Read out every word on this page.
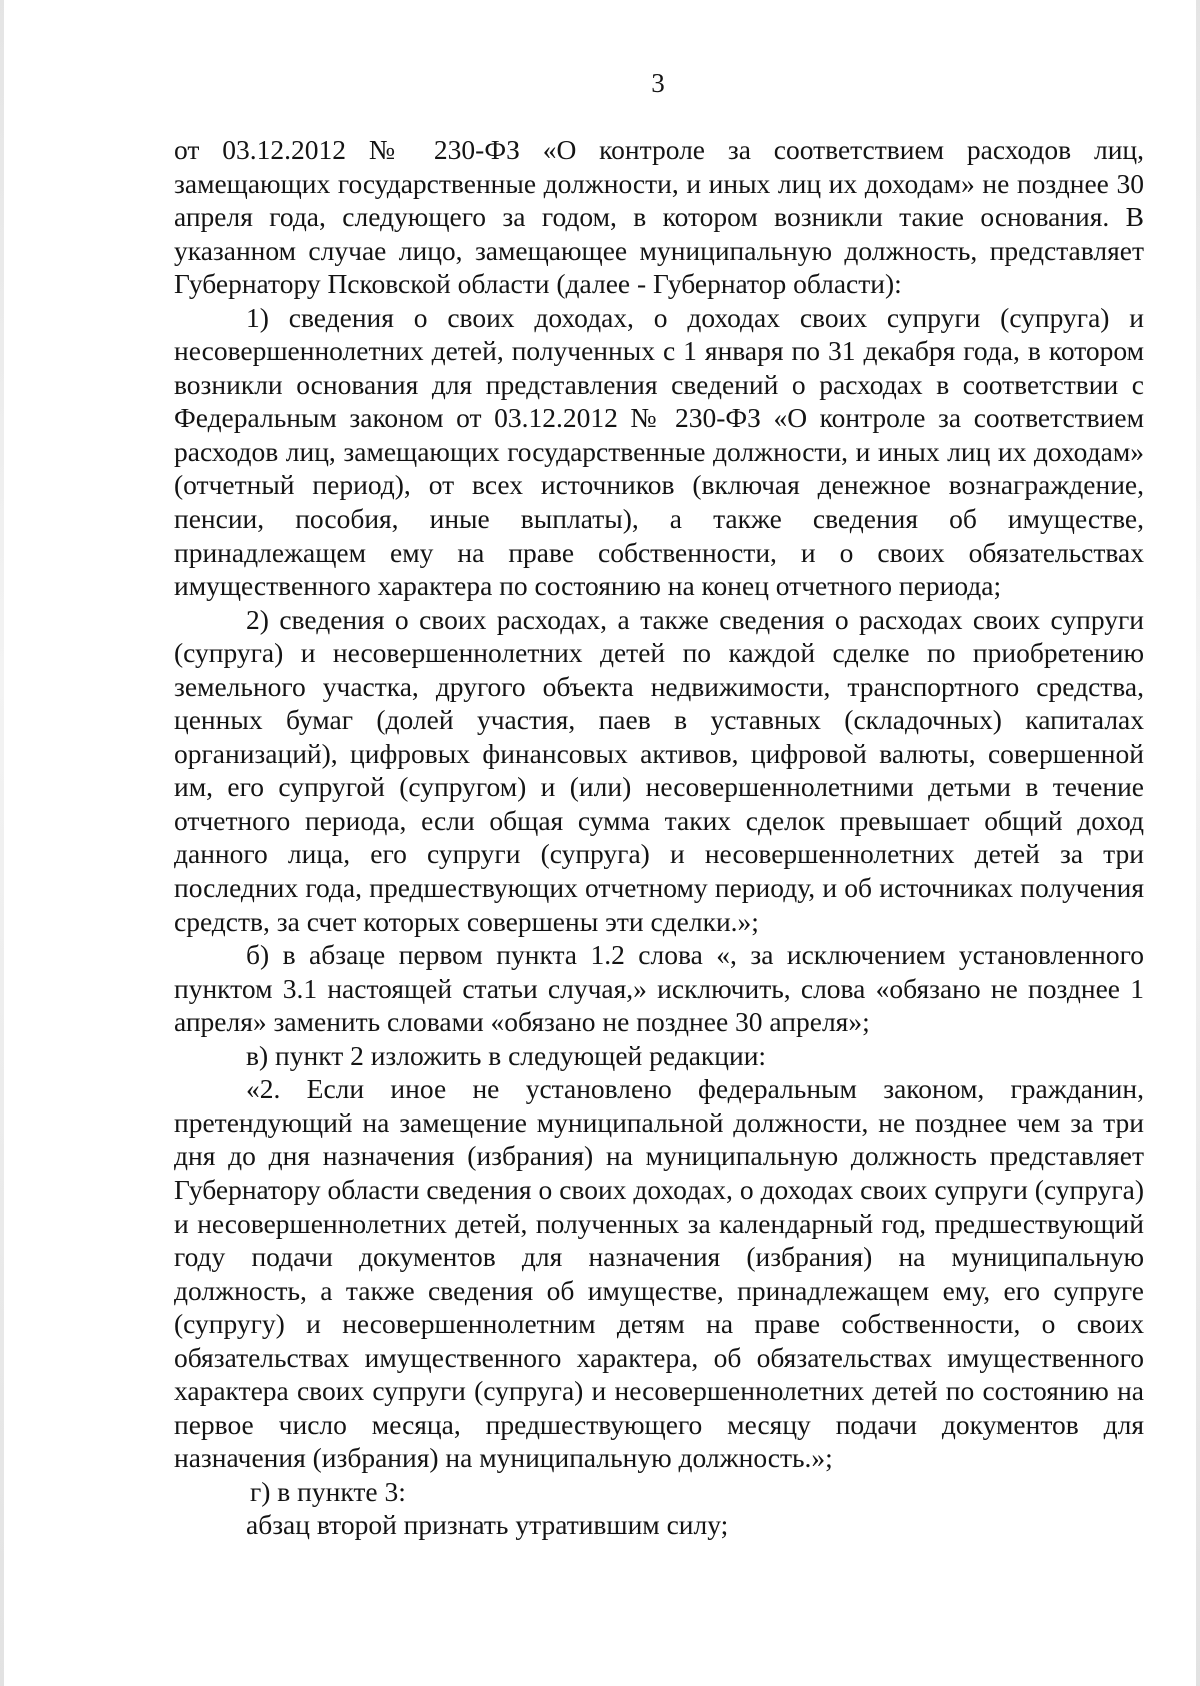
3

от 03.12.2012 № 230-ФЗ «О контроле за соответствием расходов лиц, замещающих государственные должности, и иных лиц их доходам» не позднее 30 апреля года, следующего за годом, в котором возникли такие основания. В указанном случае лицо, замещающее муниципальную должность, представляет Губернатору Псковской области (далее - Губернатор области):

1) сведения о своих доходах, о доходах своих супруги (супруга) и несовершеннолетних детей, полученных с 1 января по 31 декабря года, в котором возникли основания для представления сведений о расходах в соответствии с Федеральным законом от 03.12.2012 № 230-ФЗ «О контроле за соответствием расходов лиц, замещающих государственные должности, и иных лиц их доходам» (отчетный период), от всех источников (включая денежное вознаграждение, пенсии, пособия, иные выплаты), а также сведения об имуществе, принадлежащем ему на праве собственности, и о своих обязательствах имущественного характера по состоянию на конец отчетного периода;

2) сведения о своих расходах, а также сведения о расходах своих супруги (супруга) и несовершеннолетних детей по каждой сделке по приобретению земельного участка, другого объекта недвижимости, транспортного средства, ценных бумаг (долей участия, паев в уставных (складочных) капиталах организаций), цифровых финансовых активов, цифровой валюты, совершенной им, его супругой (супругом) и (или) несовершеннолетними детьми в течение отчетного периода, если общая сумма таких сделок превышает общий доход данного лица, его супруги (супруга) и несовершеннолетних детей за три последних года, предшествующих отчетному периоду, и об источниках получения средств, за счет которых совершены эти сделки.»;

б) в абзаце первом пункта 1.2 слова «, за исключением установленного пунктом 3.1 настоящей статьи случая,» исключить, слова «обязано не позднее 1 апреля» заменить словами «обязано не позднее 30 апреля»;

в) пункт 2 изложить в следующей редакции:

«2. Если иное не установлено федеральным законом, гражданин, претендующий на замещение муниципальной должности, не позднее чем за три дня до дня назначения (избрания) на муниципальную должность представляет Губернатору области сведения о своих доходах, о доходах своих супруги (супруга) и несовершеннолетних детей, полученных за календарный год, предшествующий году подачи документов для назначения (избрания) на муниципальную должность, а также сведения об имуществе, принадлежащем ему, его супруге (супругу) и несовершеннолетним детям на праве собственности, о своих обязательствах имущественного характера, об обязательствах имущественного характера своих супруги (супруга) и несовершеннолетних детей по состоянию на первое число месяца, предшествующего месяцу подачи документов для назначения (избрания) на муниципальную должность.»;

г) в пункте 3:

абзац второй признать утратившим силу;
